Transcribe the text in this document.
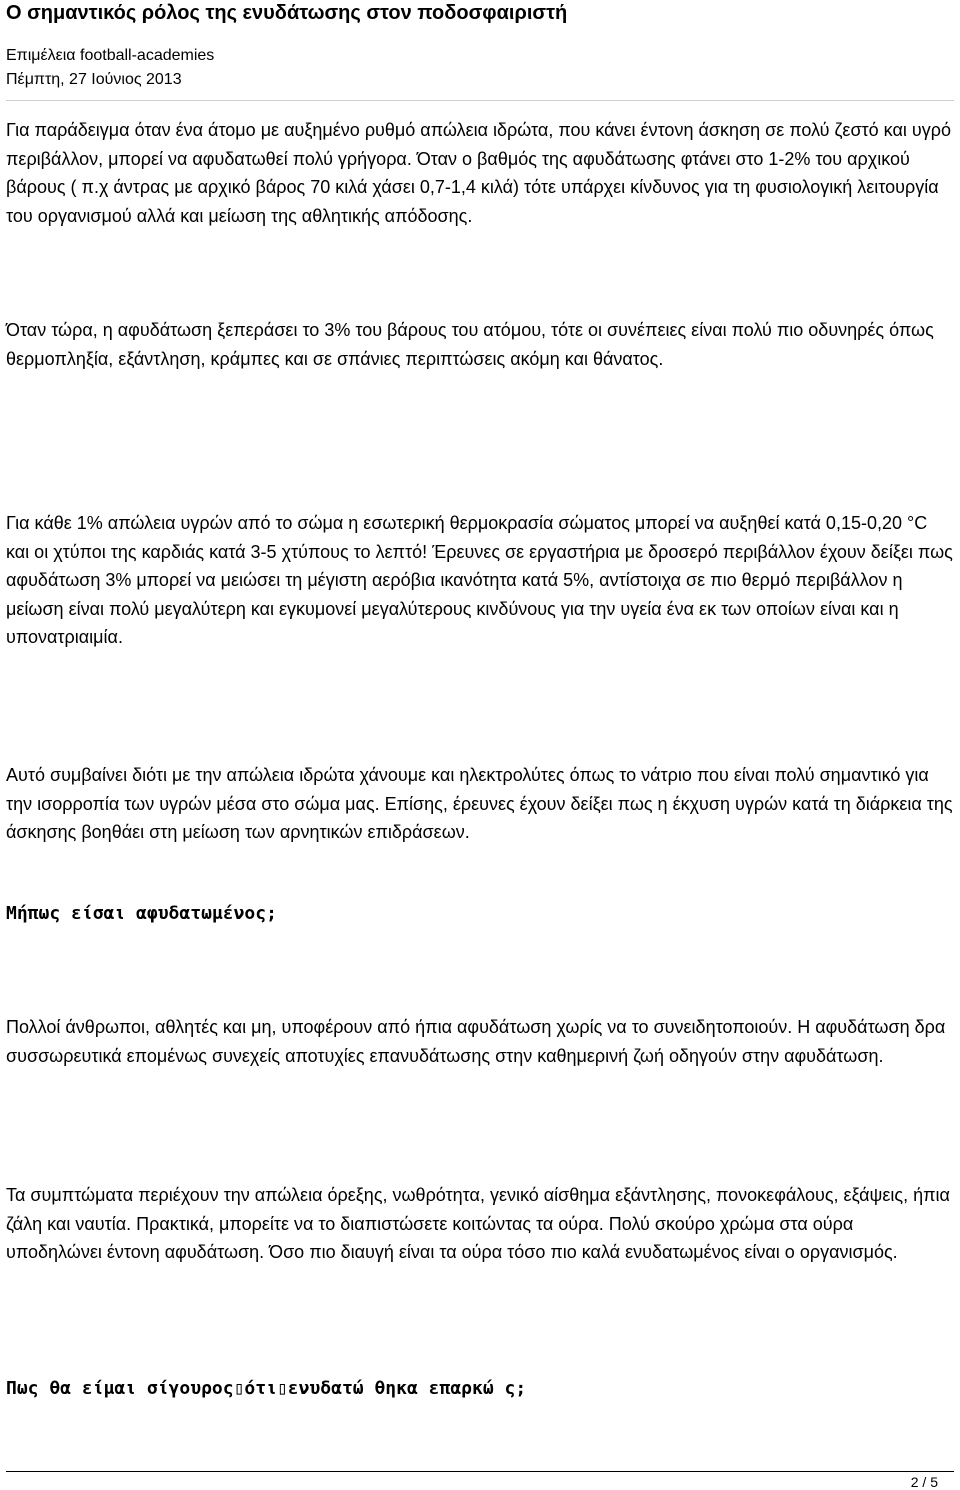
Ο σημαντικός ρόλος της ενυδάτωσης στον ποδοσφαιριστή
Επιμέλεια football-academies
Πέμπτη, 27 Ιούνιος 2013

Για παράδειγμα όταν ένα άτομο με αυξημένο ρυθμό απώλεια ιδρώτα, που κάνει έντονη άσκηση σε πολύ ζεστό και υγρό περιβάλλον, μπορεί να αφυδατωθεί πολύ γρήγορα. Όταν ο βαθμός της αφυδάτωσης φτάνει στο 1-2% του αρχικού βάρους ( π.χ άντρας με αρχικό βάρος 70 κιλά χάσει 0,7-1,4 κιλά) τότε υπάρχει κίνδυνος για τη φυσιολογική λειτουργία του οργανισμού αλλά και μείωση της αθλητικής απόδοσης.

Όταν τώρα, η αφυδάτωση ξεπεράσει το 3% του βάρους του ατόμου, τότε οι συνέπειες είναι πολύ πιο οδυνηρές όπως θερμοπληξία, εξάντληση, κράμπες και σε σπάνιες περιπτώσεις ακόμη και θάνατος.

Για κάθε 1% απώλεια υγρών από το σώμα η εσωτερική θερμοκρασία σώματος μπορεί να αυξηθεί κατά 0,15-0,20 °C και οι χτύποι της καρδιάς κατά 3-5 χτύπους το λεπτό! Έρευνες σε εργαστήρια με δροσερό περιβάλλον έχουν δείξει πως αφυδάτωση 3% μπορεί να μειώσει τη μέγιστη αερόβια ικανότητα κατά 5%, αντίστοιχα σε πιο θερμό περιβάλλον η μείωση είναι πολύ μεγαλύτερη και εγκυμονεί μεγαλύτερους κινδύνους για την υγεία ένα εκ των οποίων είναι και η υπονατριαιμία.

Αυτό συμβαίνει διότι με την απώλεια ιδρώτα χάνουμε και ηλεκτρολύτες όπως το νάτριο που είναι πολύ σημαντικό για την ισορροπία των υγρών μέσα στο σώμα μας. Επίσης, έρευνες έχουν δείξει πως η έκχυση υγρών κατά τη διάρκεια της άσκησης βοηθάει στη μείωση των αρνητικών επιδράσεων.

Μήπως είσαι αφυδατωμένος;

Πολλοί άνθρωποι, αθλητές και μη, υποφέρουν από ήπια αφυδάτωση χωρίς να το συνειδητοποιούν. Η αφυδάτωση δρα συσσωρευτικά επομένως συνεχείς αποτυχίες επανυδάτωσης στην καθημερινή ζωή οδηγούν στην αφυδάτωση.

Τα συμπτώματα περιέχουν την απώλεια όρεξης, νωθρότητα, γενικό αίσθημα εξάντλησης, πονοκεφάλους, εξάψεις, ήπια ζάλη και ναυτία. Πρακτικά, μπορείτε να το διαπιστώσετε κοιτώντας τα ούρα. Πολύ σκούρο χρώμα στα ούρα υποδηλώνει έντονη αφυδάτωση. Όσο πιο διαυγή είναι τα ούρα τόσο πιο καλά ενυδατωμένος είναι ο οργανισμός.

Πως θα είμαι σίγουρος▯óτι▯ενυδατώ θηκα επαρκώ ς;
2 / 5
